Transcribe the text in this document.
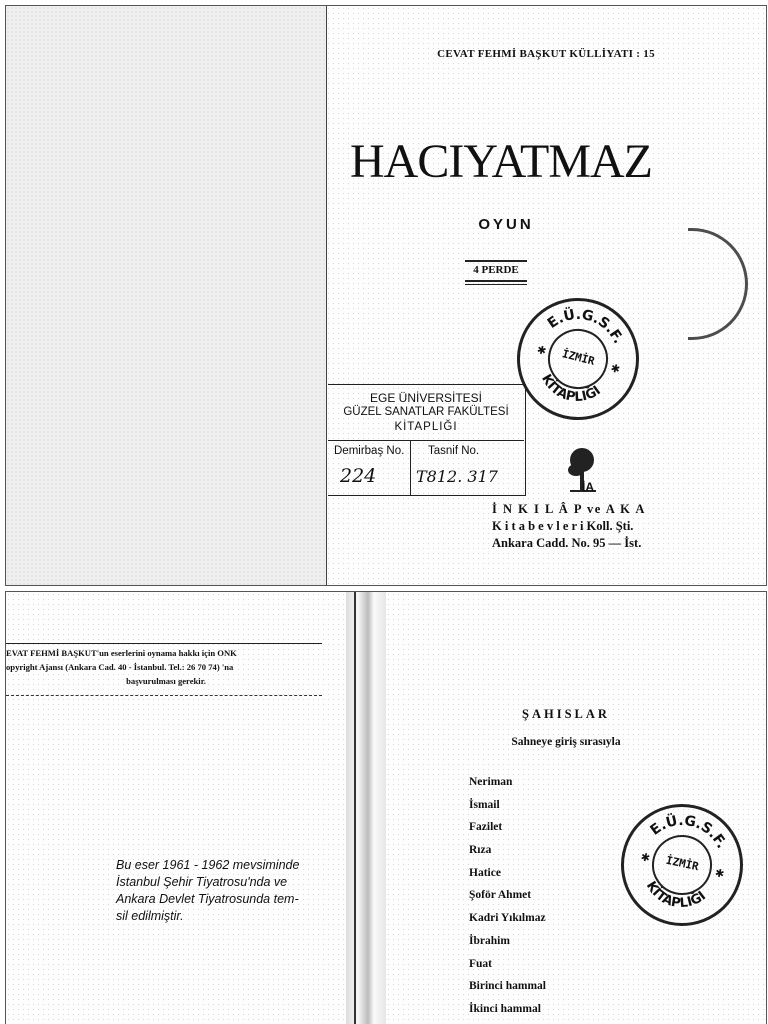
CEVAT FEHMİ BAŞKUT KÜLLİYATI : 15
HACIYATMAZ
OYUN
4 PERDE
EGE ÜNİVERSİTESİ
GÜZEL SANATLAR FAKÜLTESİ
KİTAPLIĞI
Demirbaş No. Tasnif No.
224 T812. 317
E.Ü.G.S.F.
KİTAPLIĞI
✱
✱
İZMİR
İA
İ N K I L Â P ve A K A
K i t a b e v l e r i Koll. Şti.
Ankara Cadd. No. 95 — İst.
EVAT FEHMİ BAŞKUT'un eserlerini oynama hakkı için ONK
opyright Ajansı (Ankara Cad. 40 - İstanbul. Tel.: 26 70 74) 'na
başvurulması gerekir.
Bu eser 1961 - 1962 mevsiminde
İstanbul Şehir Tiyatrosu'nda ve
Ankara Devlet Tiyatrosunda tem-
sil edilmiştir.
ŞAHISLAR
Sahneye giriş sırasıyla
Neriman
İsmail
Fazilet
Rıza
Hatice
Şoför Ahmet
Kadri Yıkılmaz
İbrahim
Fuat
Birinci hammal
İkinci hammal
E.Ü.G.S.F.
KİTAPLIĞI
✱
✱
İZMİR
